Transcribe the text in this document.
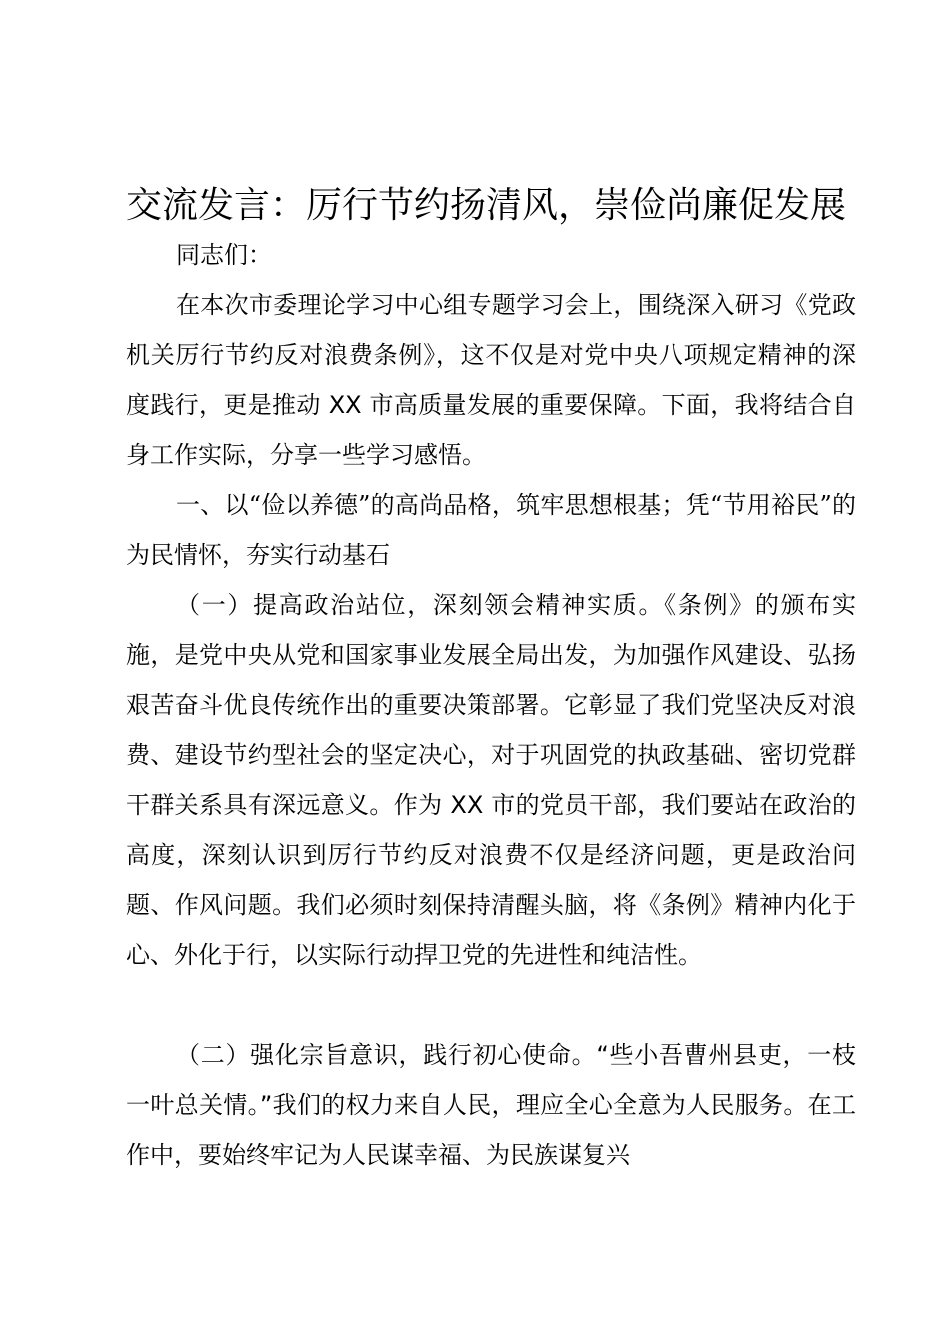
交流发言：厉行节约扬清风，崇俭尚廉促发展
同志们：
在本次市委理论学习中心组专题学习会上，围绕深入研习《党政机关厉行节约反对浪费条例》，这不仅是对党中央八项规定精神的深度践行，更是推动 XX 市高质量发展的重要保障。下面，我将结合自身工作实际，分享一些学习感悟。
一、以“俭以养德”的高尚品格，筑牢思想根基；凭“节用裕民”的为民情怀，夯实行动基石
（一）提高政治站位，深刻领会精神实质。《条例》的颁布实施，是党中央从党和国家事业发展全局出发，为加强作风建设、弘扬艰苦奋斗优良传统作出的重要决策部署。它彰显了我们党坚决反对浪费、建设节约型社会的坚定决心，对于巩固党的执政基础、密切党群干群关系具有深远意义。作为 XX 市的党员干部，我们要站在政治的高度，深刻认识到厉行节约反对浪费不仅是经济问题，更是政治问题、作风问题。我们必须时刻保持清醒头脑，将《条例》精神内化于心、外化于行，以实际行动捍卫党的先进性和纯洁性。
（二）强化宗旨意识，践行初心使命。“些小吾曹州县吏，一枝一叶总关情。”我们的权力来自人民，理应全心全意为人民服务。在工作中，要始终牢记为人民谋幸福、为民族谋复兴
